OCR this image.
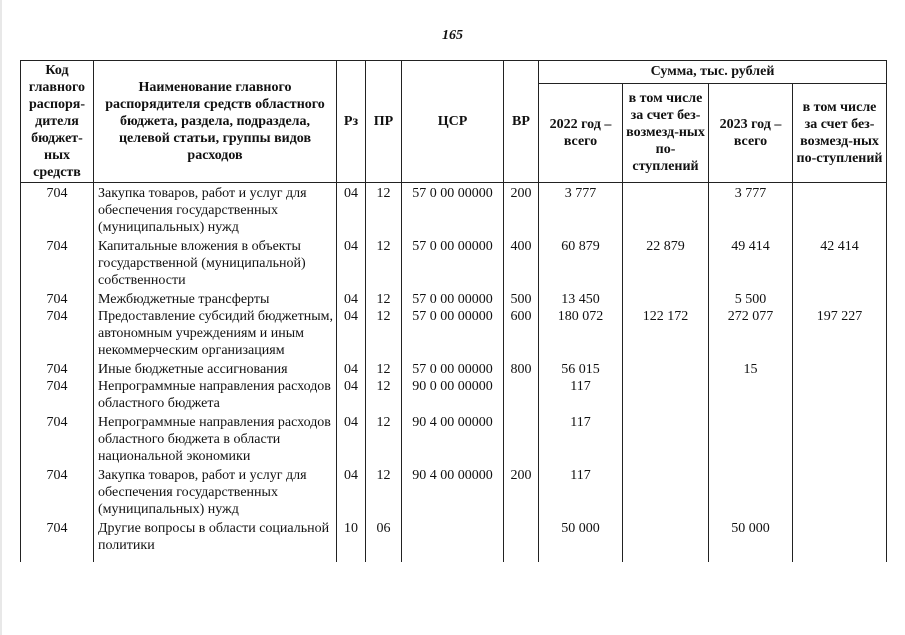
165
Код главного распоря-дителя бюджет-ных средств	Наименование главного распорядителя средств областного бюджета, раздела, подраздела, целевой статьи, группы видов расходов	Рз	ПР	ЦСР	ВР	Сумма, тыс. рублей			
						2022 год – всего	в том числе за счет без-возмезд-ных по-ступлений	2023 год – всего	в том числе за счет без-возмезд-ных по-ступлений
704	Закупка товаров, работ и услуг для обеспечения государственных (муниципальных) нужд	04	12	57 0 00 00000	200	3 777		3 777	
704	Капитальные вложения в объекты государственной (муниципальной) собственности	04	12	57 0 00 00000	400	60 879	22 879	49 414	42 414
704	Межбюджетные трансферты	04	12	57 0 00 00000	500	13 450		5 500	
704	Предоставление субсидий бюджетным, автономным учреждениям и иным некоммерческим организациям	04	12	57 0 00 00000	600	180 072	122 172	272 077	197 227
704	Иные бюджетные ассигнования	04	12	57 0 00 00000	800	56 015		15	
704	Непрограммные направления расходов областного бюджета	04	12	90 0 00 00000		117			
704	Непрограммные направления расходов областного бюджета в области национальной экономики	04	12	90 4 00 00000		117			
704	Закупка товаров, работ и услуг для обеспечения государственных (муниципальных) нужд	04	12	90 4 00 00000	200	117			
704	Другие вопросы в области социальной политики	10	06			50 000		50 000	
